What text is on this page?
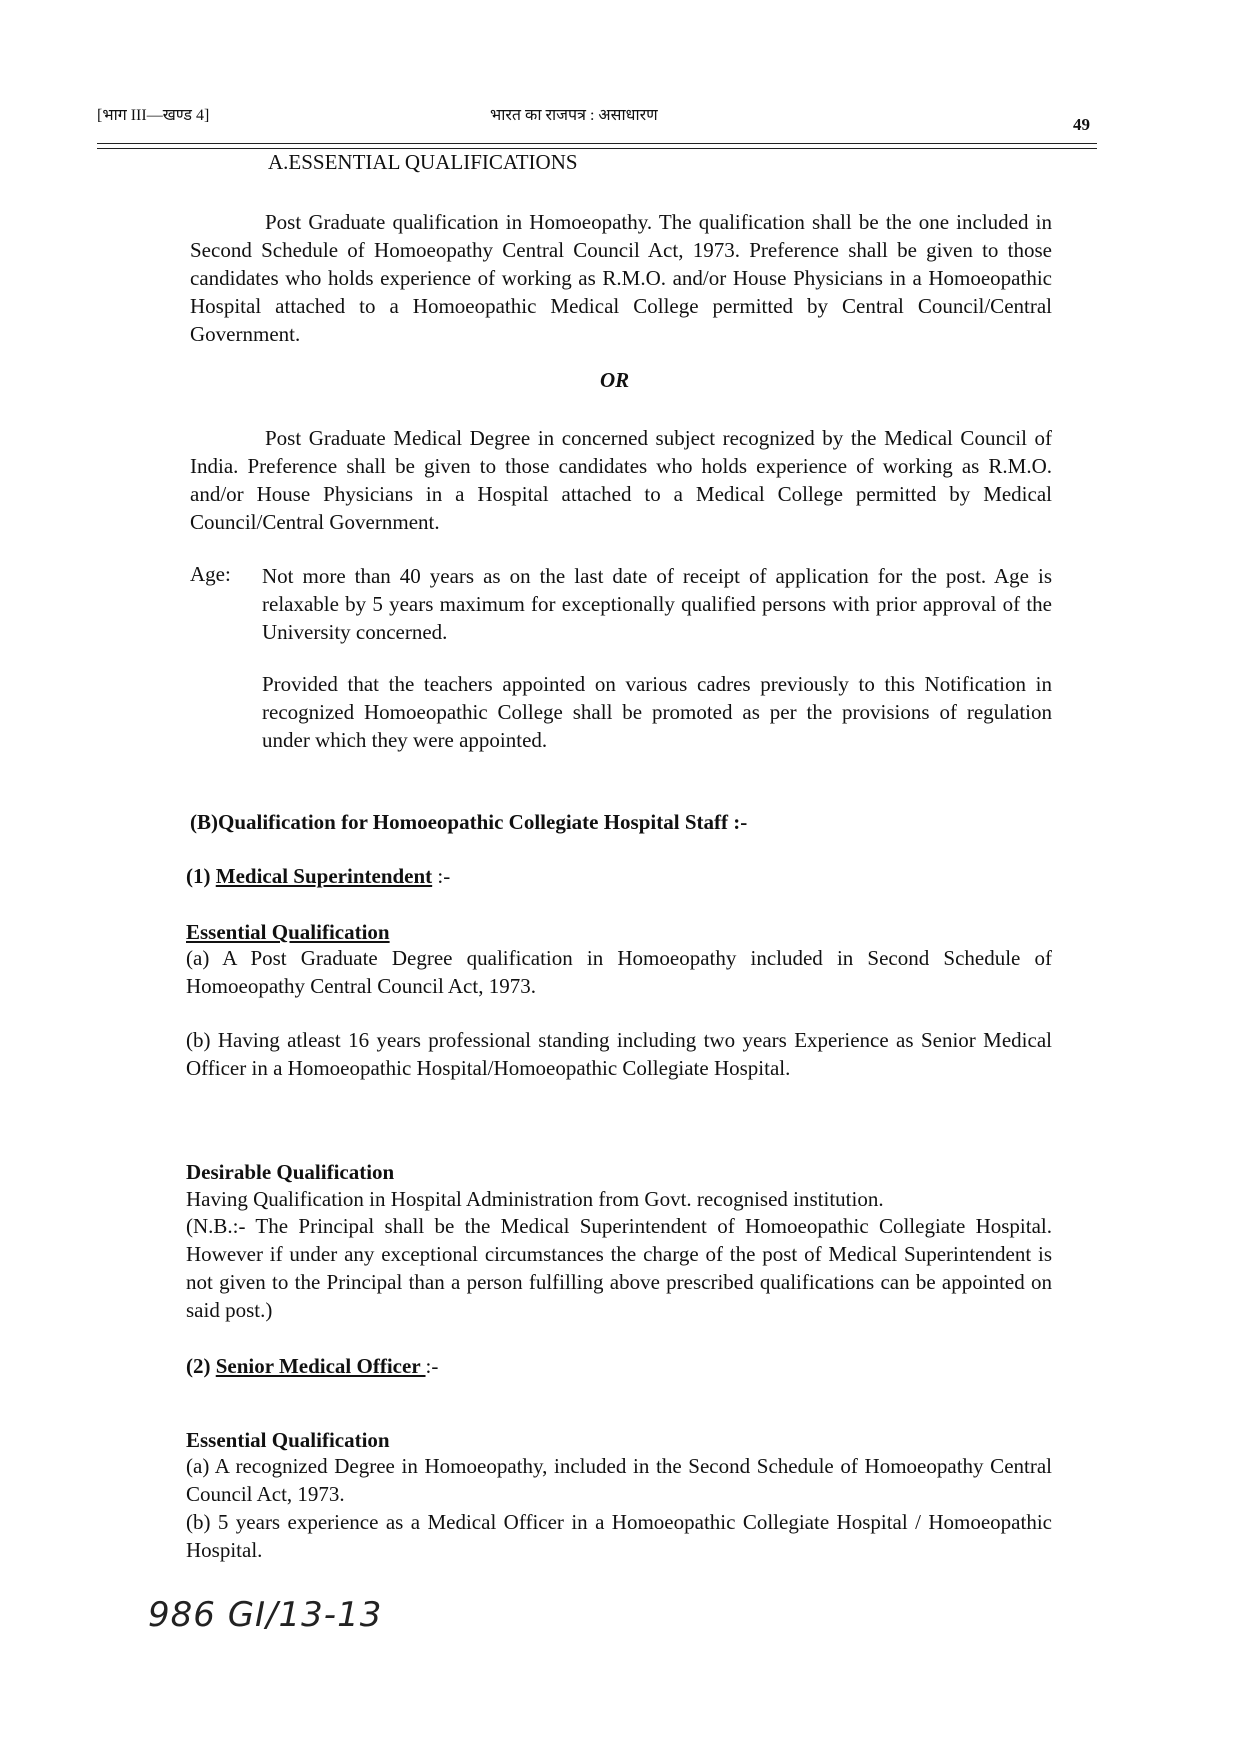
[भाग III—खण्ड 4]	भारत का राजपत्र : असाधारण	49
A.ESSENTIAL QUALIFICATIONS
Post Graduate qualification in Homoeopathy. The qualification shall be the one included in Second Schedule of Homoeopathy Central Council Act, 1973. Preference shall be given to those candidates who holds experience of working as R.M.O. and/or House Physicians in a Homoeopathic Hospital attached to a Homoeopathic Medical College permitted by Central Council/Central Government.
OR
Post Graduate Medical Degree in concerned subject recognized by the Medical Council of India. Preference shall be given to those candidates who holds experience of working as R.M.O. and/or House Physicians in a Hospital attached to a Medical College permitted by Medical Council/Central Government.
Age: Not more than 40 years as on the last date of receipt of application for the post. Age is relaxable by 5 years maximum for exceptionally qualified persons with prior approval of the University concerned.
Provided that the teachers appointed on various cadres previously to this Notification in recognized Homoeopathic College shall be promoted as per the provisions of regulation under which they were appointed.
(B)Qualification for Homoeopathic Collegiate Hospital Staff :-
(1) Medical Superintendent :-
Essential Qualification
(a) A Post Graduate Degree qualification in Homoeopathy included in Second Schedule of Homoeopathy Central Council Act, 1973.
(b) Having atleast 16 years professional standing including two years Experience as Senior Medical Officer in a Homoeopathic Hospital/Homoeopathic Collegiate Hospital.
Desirable Qualification
Having Qualification in Hospital Administration from Govt. recognised institution.
(N.B.:- The Principal shall be the Medical Superintendent of Homoeopathic Collegiate Hospital. However if under any exceptional circumstances the charge of the post of Medical Superintendent is not given to the Principal than a person fulfilling above prescribed qualifications can be appointed on said post.)
(2) Senior Medical Officer :-
Essential Qualification
(a) A recognized Degree in Homoeopathy, included in the Second Schedule of Homoeopathy Central Council Act, 1973.
(b) 5 years experience as a Medical Officer in a Homoeopathic Collegiate Hospital / Homoeopathic Hospital.
986 GI/13-13
